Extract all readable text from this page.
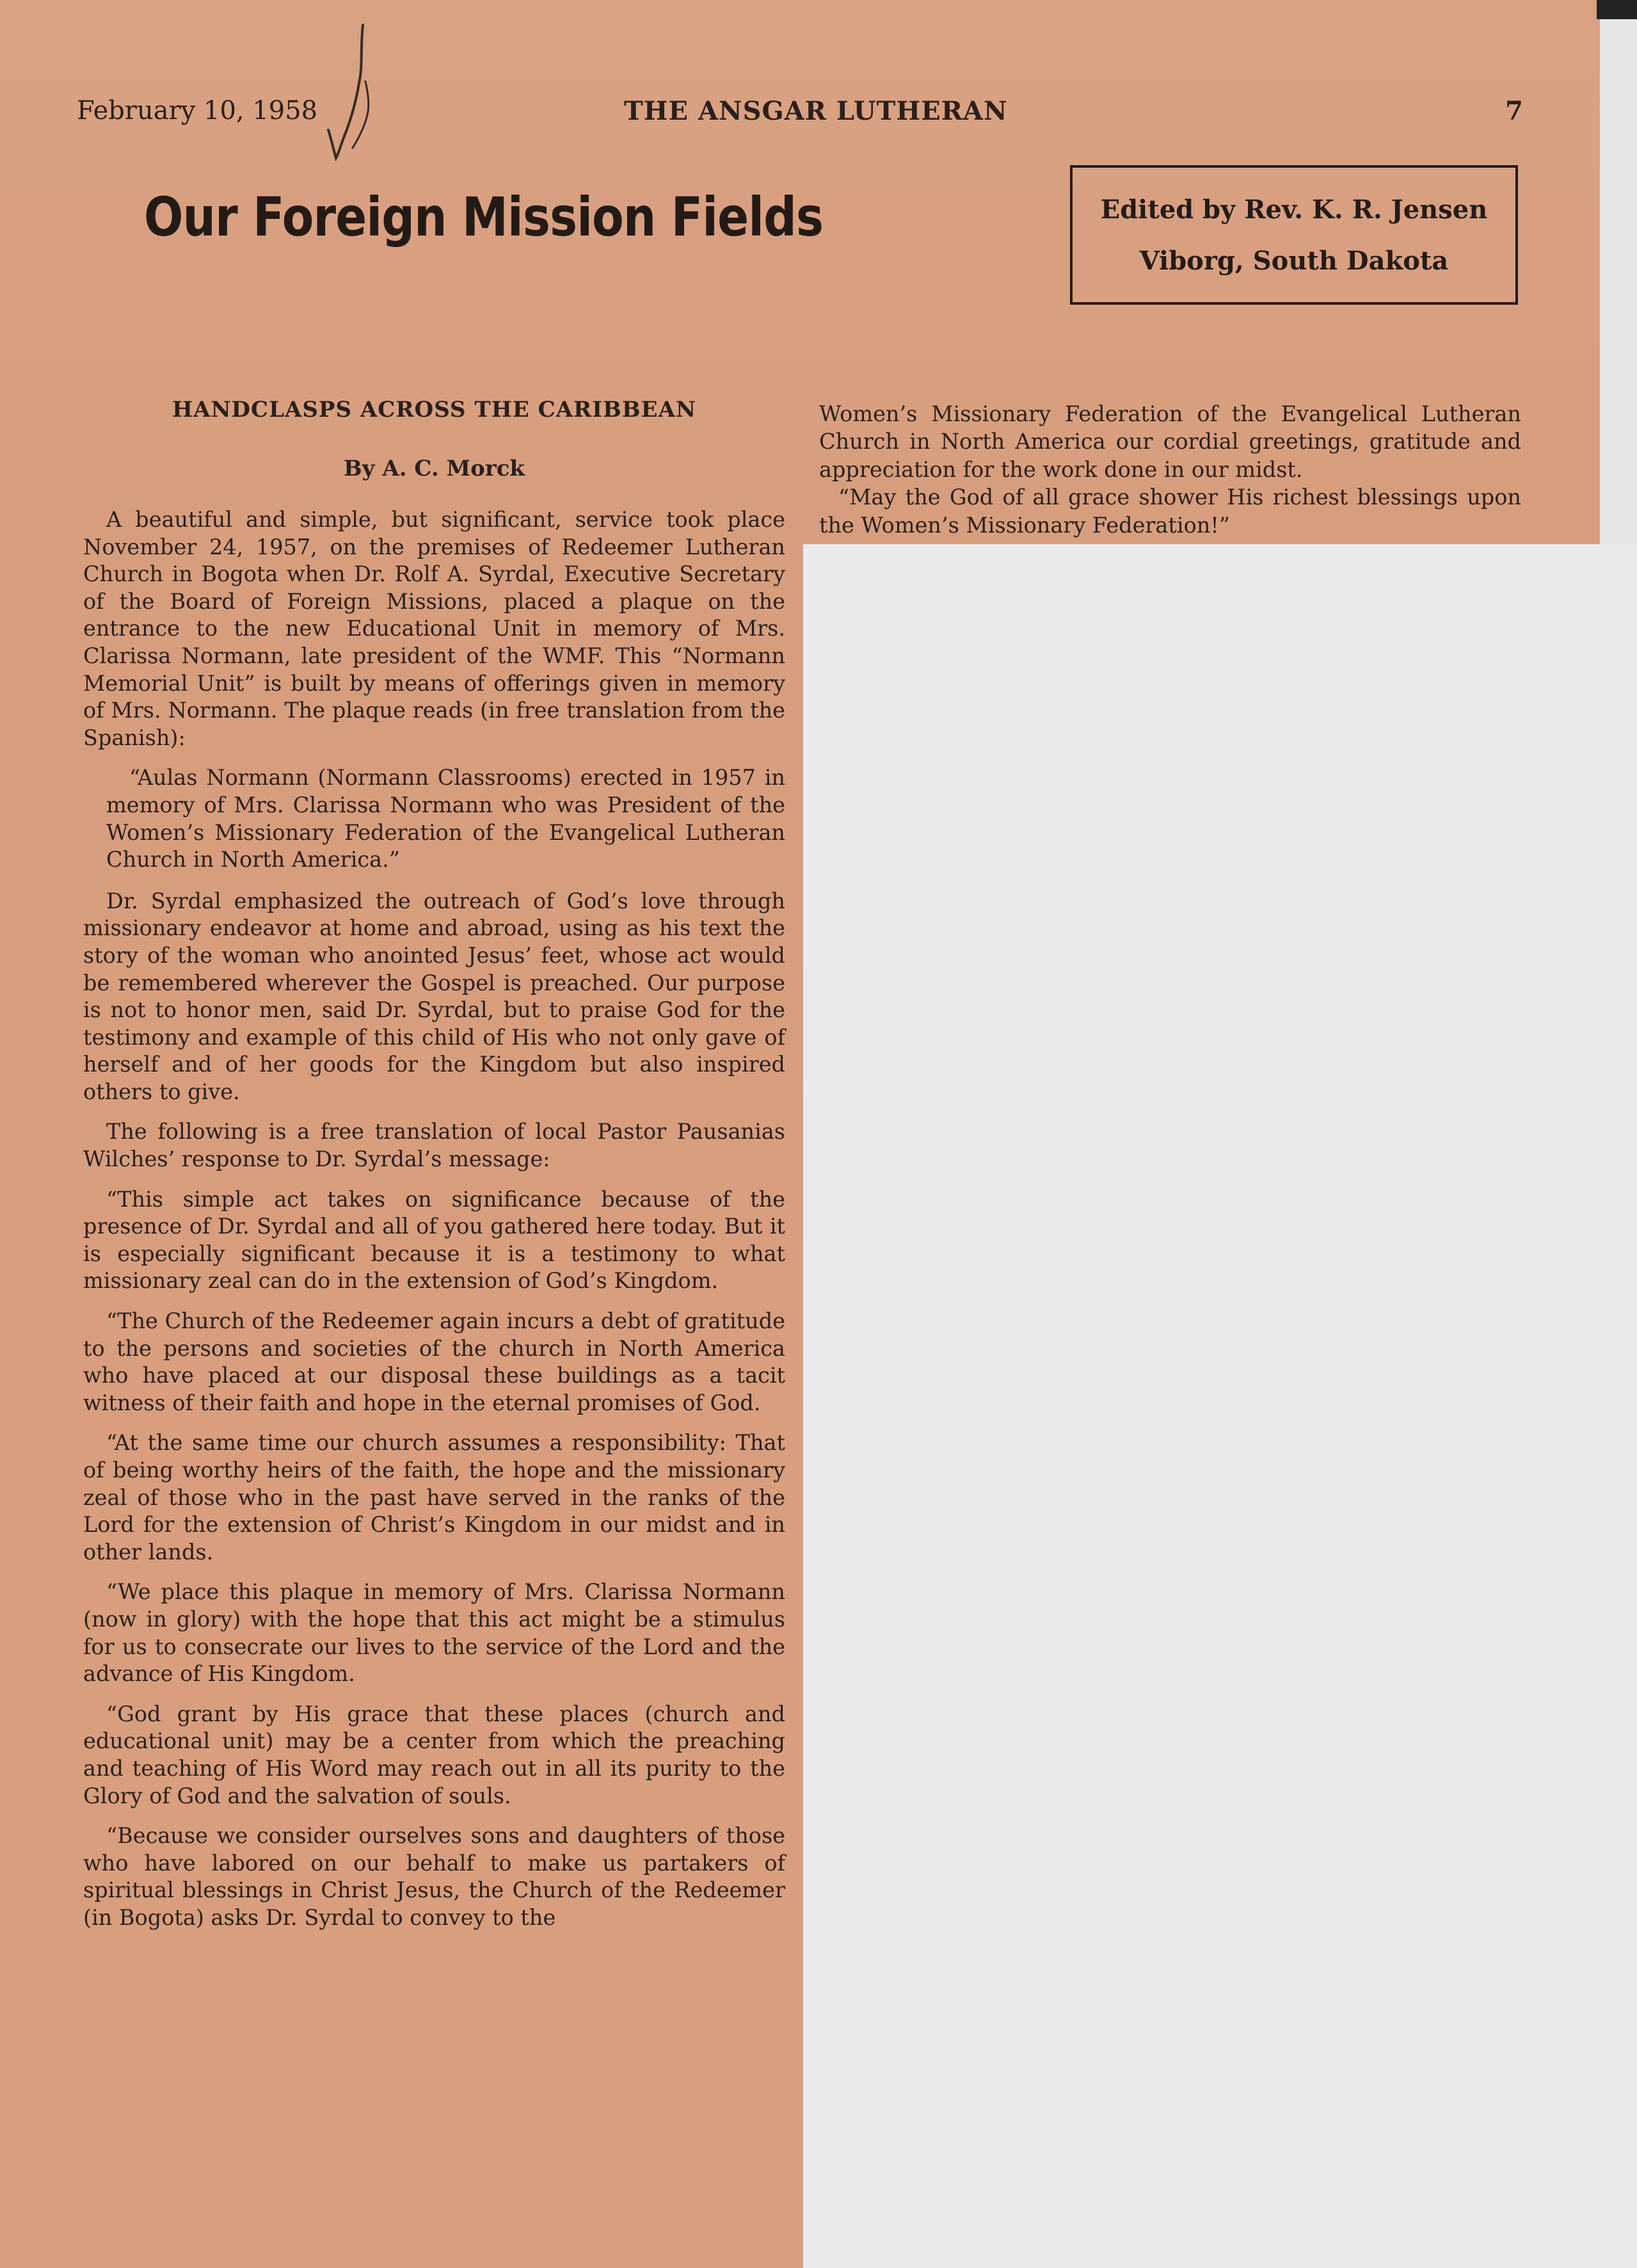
February 10, 1958	THE ANSGAR LUTHERAN	7
Our Foreign Mission Fields	Edited by Rev. K. R. Jensen
Viborg, South Dakota
HANDCLASPS ACROSS THE CARIBBEAN
By A. C. Morck

A beautiful and simple, but significant, service took place November 24, 1957, on the premises of Redeemer Lutheran Church in Bogota when Dr. Rolf A. Syrdal, Executive Secretary of the Board of Foreign Missions, placed a plaque on the entrance to the new Educational Unit in memory of Mrs. Clarissa Normann, late president of the WMF. This “Normann Memorial Unit” is built by means of offerings given in memory of Mrs. Normann. The plaque reads (in free translation from the Spanish):

“Aulas Normann (Normann Classrooms) erected in 1957 in memory of Mrs. Clarissa Normann who was President of the Women’s Missionary Federation of the Evangelical Lutheran Church in North America.”

Dr. Syrdal emphasized the outreach of God’s love through missionary endeavor at home and abroad, using as his text the story of the woman who anointed Jesus’ feet, whose act would be remembered wherever the Gospel is preached. Our purpose is not to honor men, said Dr. Syrdal, but to praise God for the testimony and example of this child of His who not only gave of herself and of her goods for the Kingdom but also inspired others to give.

The following is a free translation of local Pastor Pausanias Wilches’ response to Dr. Syrdal’s message:

“This simple act takes on significance because of the presence of Dr. Syrdal and all of you gathered here today. But it is especially significant because it is a testimony to what missionary zeal can do in the extension of God’s Kingdom.

“The Church of the Redeemer again incurs a debt of gratitude to the persons and societies of the church in North America who have placed at our disposal these buildings as a tacit witness of their faith and hope in the eternal promises of God.

“At the same time our church assumes a responsibility: That of being worthy heirs of the faith, the hope and the missionary zeal of those who in the past have served in the ranks of the Lord for the extension of Christ’s Kingdom in our midst and in other lands.

“We place this plaque in memory of Mrs. Clarissa Normann (now in glory) with the hope that this act might be a stimulus for us to consecrate our lives to the service of the Lord and the advance of His Kingdom.

“God grant by His grace that these places (church and educational unit) may be a center from which the preaching and teaching of His Word may reach out in all its purity to the Glory of God and the salvation of souls.

“Because we consider ourselves sons and daughters of those who have labored on our behalf to make us partakers of spiritual blessings in Christ Jesus, the Church of the Redeemer (in Bogota) asks Dr. Syrdal to convey to the

Women’s Missionary Federation of the Evangelical Lutheran Church in North America our cordial greetings, gratitude and appreciation for the work done in our midst.

“May the God of all grace shower His richest blessings upon the Women’s Missionary Federation!”
